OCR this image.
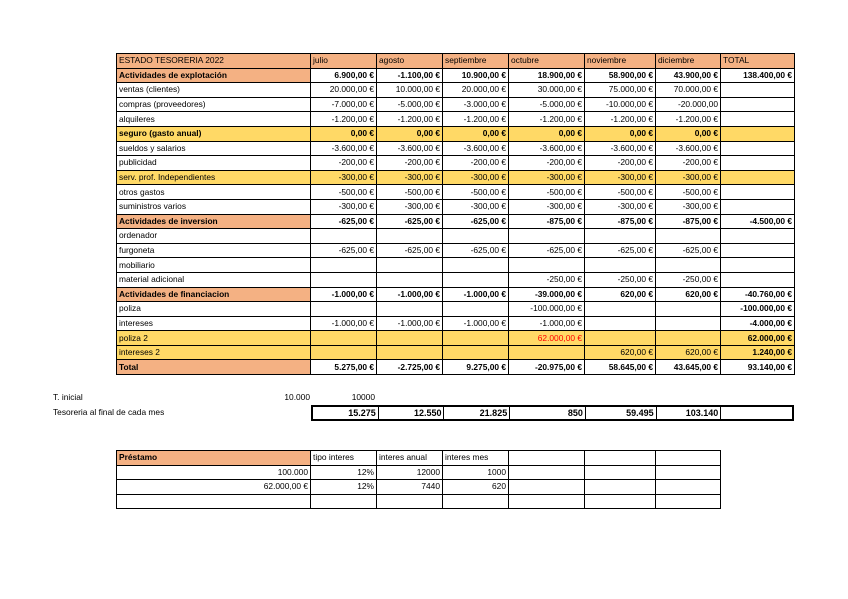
ESTADO TESORERIA 2022	julio	agosto	septiembre	octubre	noviembre	diciembre	TOTAL
Actividades de explotación	6.900,00 €	-1.100,00 €	10.900,00 €	18.900,00 €	58.900,00 €	43.900,00 €	138.400,00 €
ventas (clientes)	20.000,00 €	10.000,00 €	20.000,00 €	30.000,00 €	75.000,00 €	70.000,00 €	
compras (proveedores)	-7.000,00 €	-5.000,00 €	-3.000,00 €	-5.000,00 €	-10.000,00 €	-20.000,00	
alquileres	-1.200,00 €	-1.200,00 €	-1.200,00 €	-1.200,00 €	-1.200,00 €	-1.200,00 €	
seguro (gasto anual)	0,00 €	0,00 €	0,00 €	0,00 €	0,00 €	0,00 €	
sueldos y salarios	-3.600,00 €	-3.600,00 €	-3.600,00 €	-3.600,00 €	-3.600,00 €	-3.600,00 €	
publicidad	-200,00 €	-200,00 €	-200,00 €	-200,00 €	-200,00 €	-200,00 €	
serv. prof. Independientes	-300,00 €	-300,00 €	-300,00 €	-300,00 €	-300,00 €	-300,00 €	
otros gastos	-500,00 €	-500,00 €	-500,00 €	-500,00 €	-500,00 €	-500,00 €	
suministros varios	-300,00 €	-300,00 €	-300,00 €	-300,00 €	-300,00 €	-300,00 €	
Actividades de inversion	-625,00 €	-625,00 €	-625,00 €	-875,00 €	-875,00 €	-875,00 €	-4.500,00 €
ordenador							
furgoneta	-625,00 €	-625,00 €	-625,00 €	-625,00 €	-625,00 €	-625,00 €	
mobiliario							
material adicional				-250,00 €	-250,00 €	-250,00 €	
Actividades de financiacion	-1.000,00 €	-1.000,00 €	-1.000,00 €	-39.000,00 €	620,00 €	620,00 €	-40.760,00 €
poliza				-100.000,00 €			-100.000,00 €
intereses	-1.000,00 €	-1.000,00 €	-1.000,00 €	-1.000,00 €			-4.000,00 €
poliza 2				62.000,00 €			62.000,00 €
intereses 2					620,00 €	620,00 €	1.240,00 €
Total	5.275,00 €	-2.725,00 €	9.275,00 €	-20.975,00 €	58.645,00 €	43.645,00 €	93.140,00 €
T. inicial	10.000	10000
Tesoreria al final de cada mes	15.275	12.550	21.825	850	59.495	103.140
Préstamo	tipo interes	interes anual	interes mes			
100.000	12%	12000	1000			
62.000,00 €	12%	7440	620			
